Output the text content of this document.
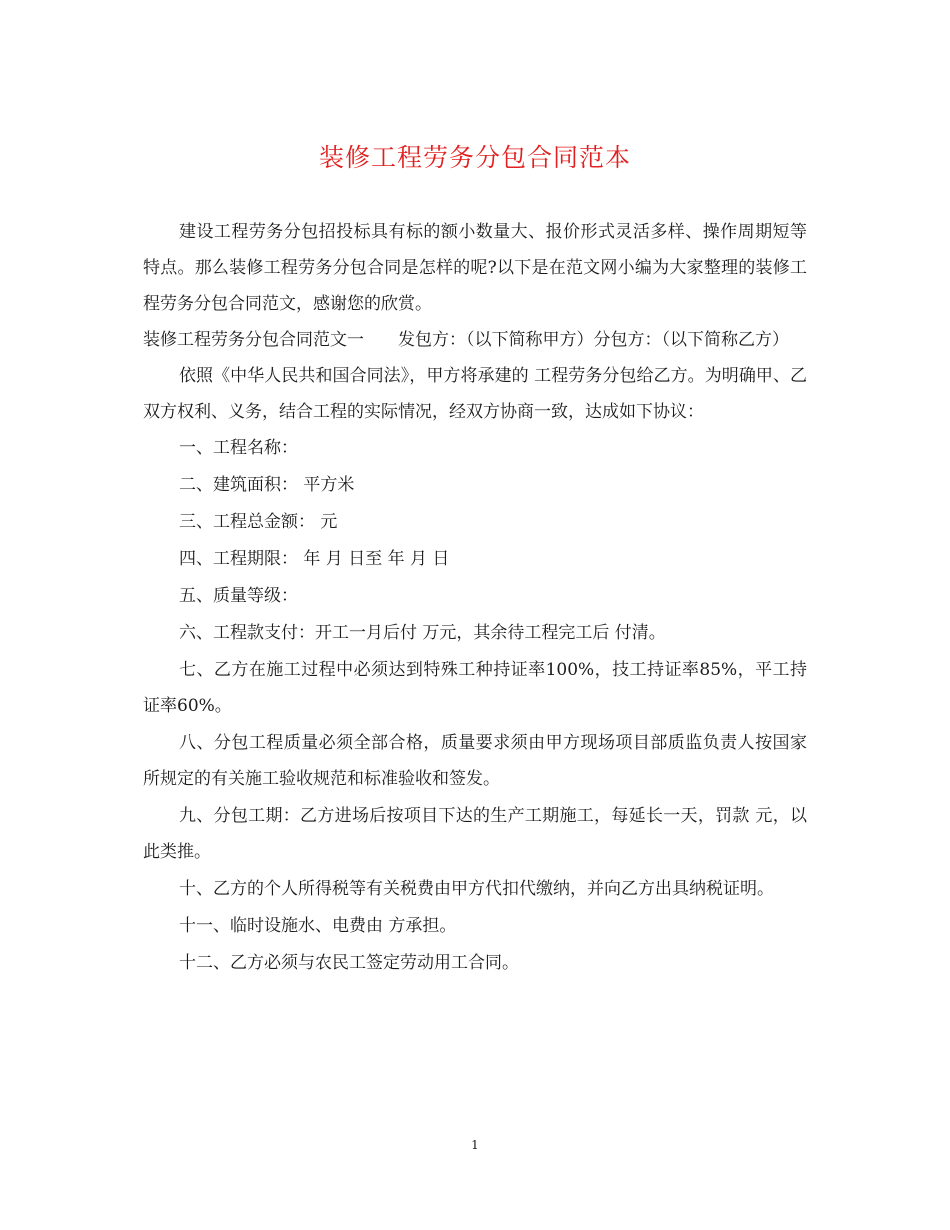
装修工程劳务分包合同范本

建设工程劳务分包招投标具有标的额小数量大、报价形式灵活多样、操作周期短等特点。那么装修工程劳务分包合同是怎样的呢?以下是在范文网小编为大家整理的装修工程劳务分包合同范文，感谢您的欣赏。

装修工程劳务分包合同范文一　　发包方：（以下简称甲方）分包方：（以下简称乙方）

依照《中华人民共和国合同法》，甲方将承建的 工程劳务分包给乙方。为明确甲、乙双方权利、义务，结合工程的实际情况，经双方协商一致，达成如下协议：

一、工程名称：

二、建筑面积： 平方米

三、工程总金额： 元

四、工程期限： 年 月 日至 年 月 日

五、质量等级：

六、工程款支付：开工一月后付 万元，其余待工程完工后 付清。

七、乙方在施工过程中必须达到特殊工种持证率100%，技工持证率85%，平工持证率60%。

八、分包工程质量必须全部合格，质量要求须由甲方现场项目部质监负责人按国家所规定的有关施工验收规范和标准验收和签发。

九、分包工期：乙方进场后按项目下达的生产工期施工，每延长一天，罚款 元，以此类推。

十、乙方的个人所得税等有关税费由甲方代扣代缴纳，并向乙方出具纳税证明。

十一、临时设施水、电费由 方承担。

十二、乙方必须与农民工签定劳动用工合同。

1
